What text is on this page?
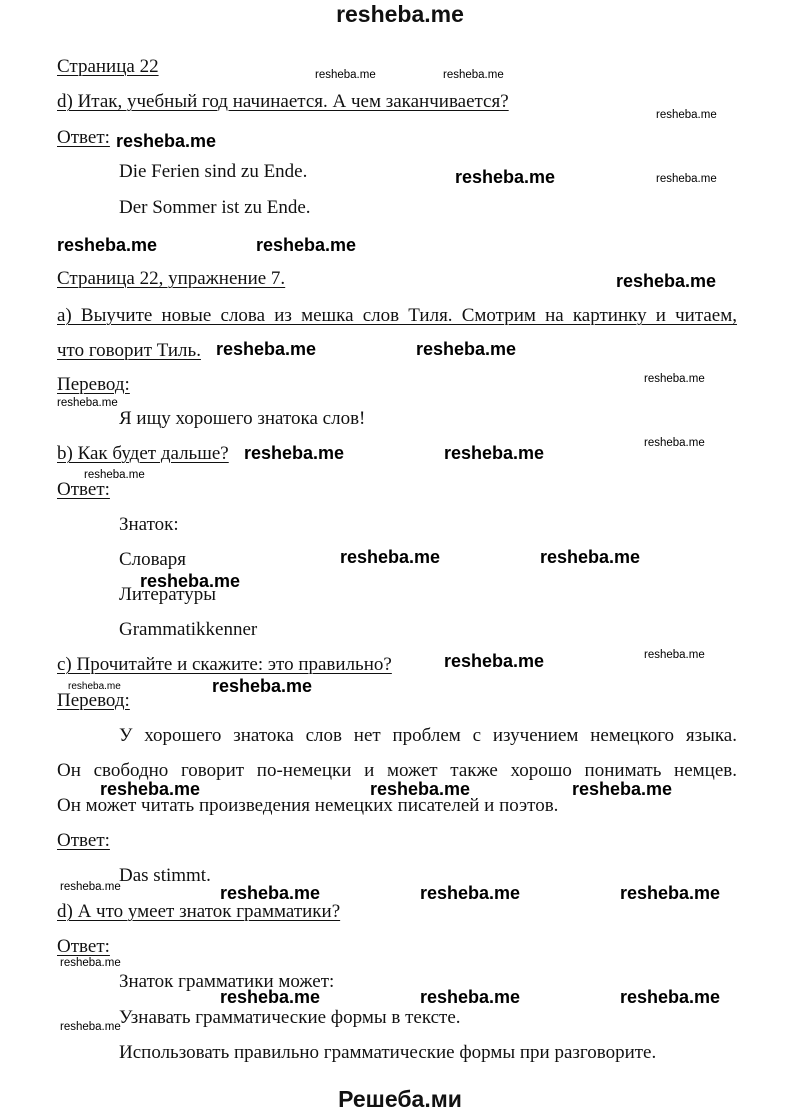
resheba.me
Решеба.ми
Страница 22
d) Итак, учебный год начинается. А чем заканчивается?
Ответ:
Die Ferien sind zu Ende.
Der Sommer ist zu Ende.
Страница 22, упражнение 7.
a) Выучите новые слова из мешка слов Тиля. Смотрим на картинку и читаем,
что говорит Тиль.
Перевод:
Я ищу хорошего знатока слов!
b) Как будет дальше?
Ответ:
Знаток:
Словаря
Литературы
Grammatikkenner
c) Прочитайте и скажите: это правильно?
Перевод:
У хорошего знатока слов нет проблем с изучением немецкого языка.
Он свободно говорит по-немецки и может также хорошо понимать немцев.
Он может читать произведения немецких писателей и поэтов.
Ответ:
Das stimmt.
d) А что умеет знаток грамматики?
Ответ:
Знаток грамматики может:
Узнавать грамматические формы в тексте.
Использовать правильно грамматические формы при разговорите.
resheba.me
resheba.me
resheba.me	resheba.me
resheba.me
resheba.me	resheba.me
resheba.me	resheba.me
resheba.me	resheba.me
resheba.me
resheba.me
resheba.me
resheba.me	resheba.me	resheba.me
resheba.me	resheba.me	resheba.me
resheba.me	resheba.me	resheba.me
resheba.me	resheba.me
resheba.me
resheba.me
resheba.me
resheba.me
resheba.me
resheba.me
resheba.me
resheba.me
resheba.me
resheba.me
resheba.me
